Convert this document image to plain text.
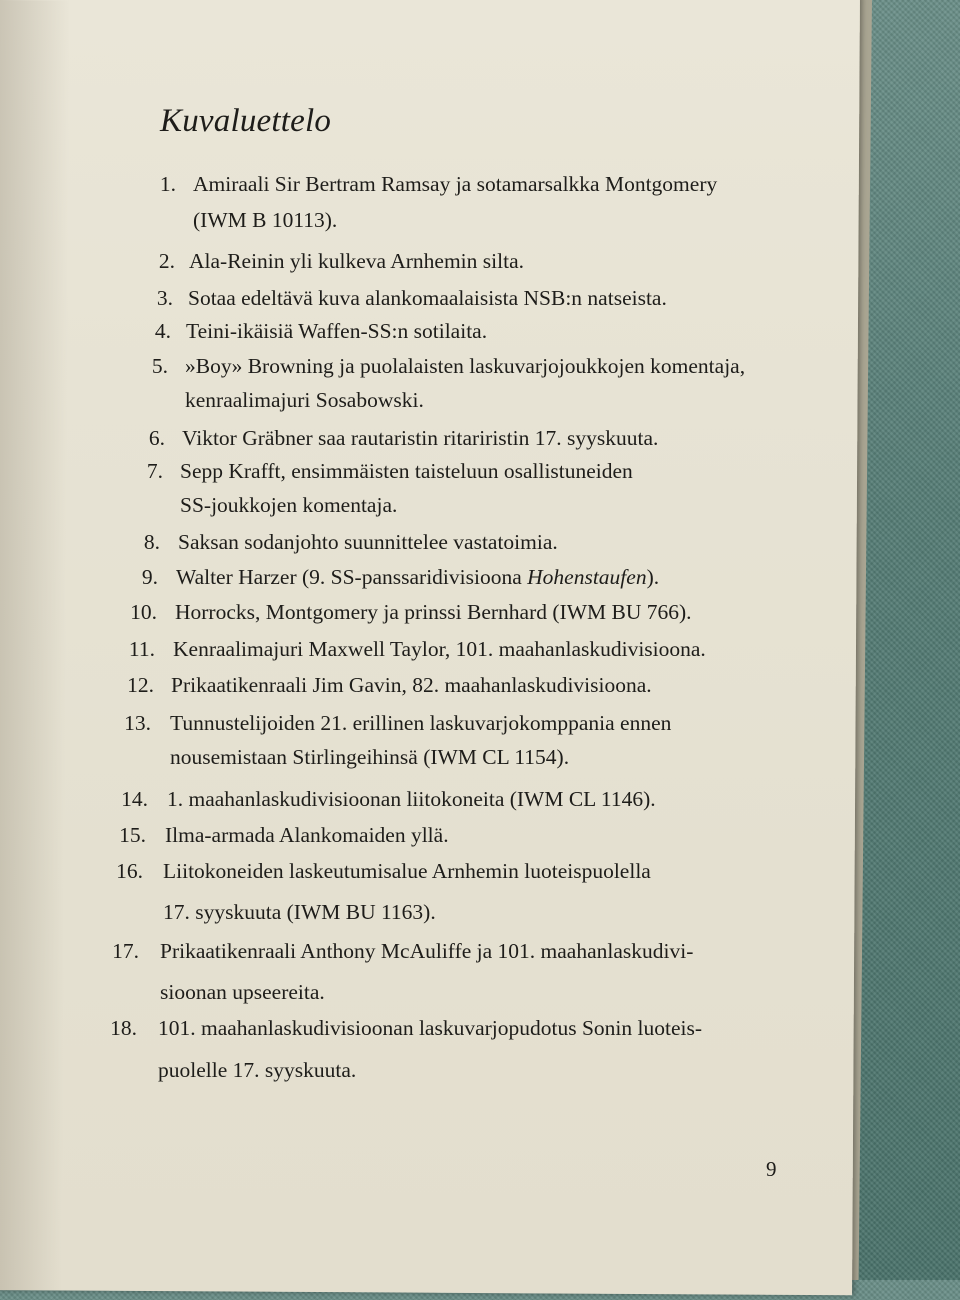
Kuvaluettelo
1. Amiraali Sir Bertram Ramsay ja sotamarsalkka Montgomery
(IWM B 10113).
2. Ala-Reinin yli kulkeva Arnhemin silta.
3. Sotaa edeltävä kuva alankomaalaisista NSB:n natseista.
4. Teini-ikäisiä Waffen-SS:n sotilaita.
5. »Boy» Browning ja puolalaisten laskuvarjojoukkojen komentaja,
kenraalimajuri Sosabowski.
6. Viktor Gräbner saa rautaristin ritariristin 17. syyskuuta.
7. Sepp Krafft, ensimmäisten taisteluun osallistuneiden
SS-joukkojen komentaja.
8. Saksan sodanjohto suunnittelee vastatoimia.
9. Walter Harzer (9. SS-panssaridivisioona Hohenstaufen).
10. Horrocks, Montgomery ja prinssi Bernhard (IWM BU 766).
11. Kenraalimajuri Maxwell Taylor, 101. maahanlaskudivisioona.
12. Prikaatikenraali Jim Gavin, 82. maahanlaskudivisioona.
13. Tunnustelijoiden 21. erillinen laskuvarjokomppania ennen
nousemistaan Stirlingeihinsä (IWM CL 1154).
14. 1. maahanlaskudivisioonan liitokoneita (IWM CL 1146).
15. Ilma-armada Alankomaiden yllä.
16. Liitokoneiden laskeutumisalue Arnhemin luoteispuolella
17. syyskuuta (IWM BU 1163).
17. Prikaatikenraali Anthony McAuliffe ja 101. maahanlaskudivi-
sioonan upseereita.
18. 101. maahanlaskudivisioonan laskuvarjopudotus Sonin luoteis-
puolelle 17. syyskuuta.
9
